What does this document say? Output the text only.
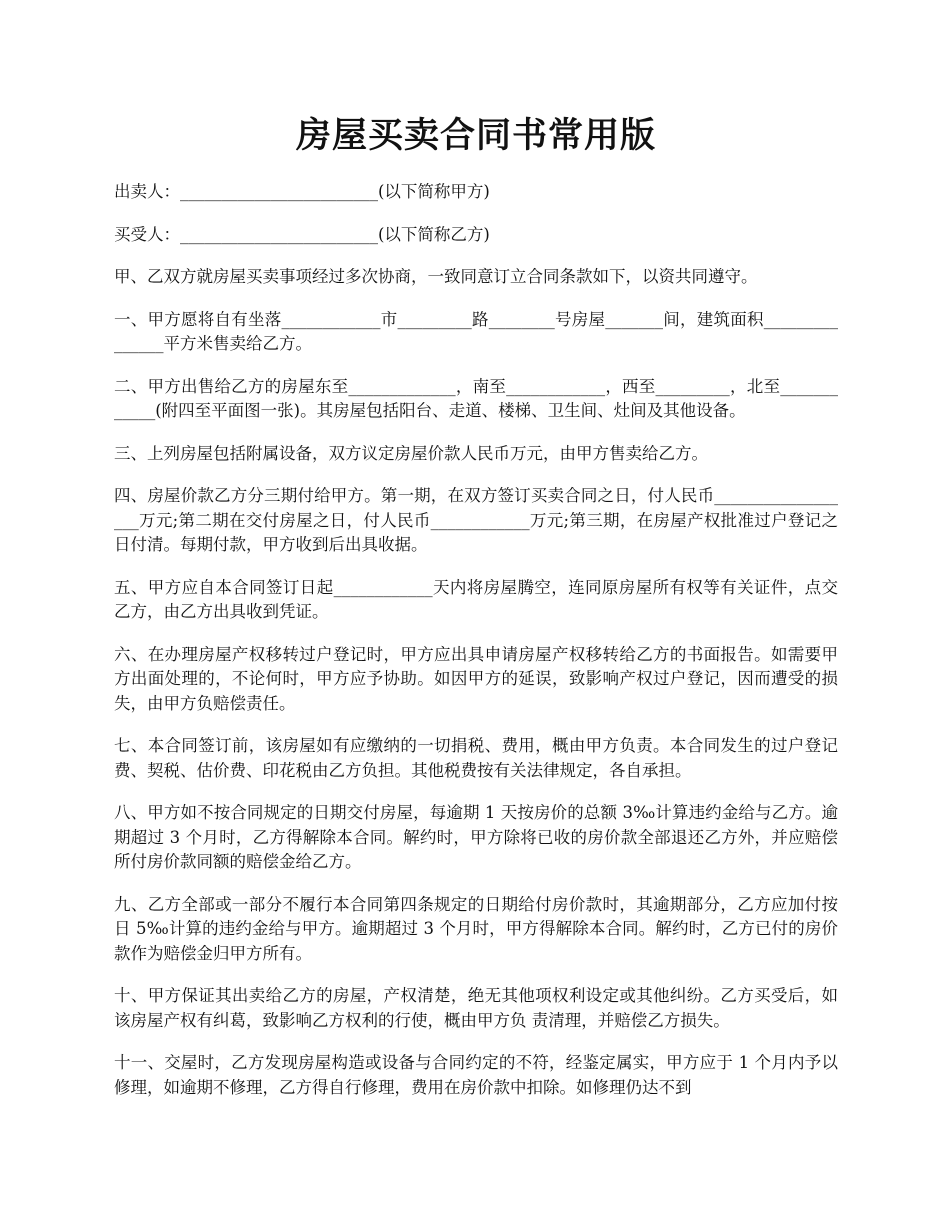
房屋买卖合同书常用版

出卖人：________________________(以下简称甲方)

买受人：________________________(以下简称乙方)

甲、乙双方就房屋买卖事项经过多次协商，一致同意订立合同条款如下，以资共同遵守。

一、甲方愿将自有坐落____________市_________路________号房屋_______间，建筑面积_______________平方米售卖给乙方。

二、甲方出售给乙方的房屋东至_____________，南至____________，西至_________，北至____________(附四至平面图一张)。其房屋包括阳台、走道、楼梯、卫生间、灶间及其他设备。

三、上列房屋包括附属设备，双方议定房屋价款人民币万元，由甲方售卖给乙方。

四、房屋价款乙方分三期付给甲方。第一期，在双方签订买卖合同之日，付人民币__________________万元;第二期在交付房屋之日，付人民币____________万元;第三期，在房屋产权批准过户登记之日付清。每期付款，甲方收到后出具收据。

五、甲方应自本合同签订日起____________天内将房屋腾空，连同原房屋所有权等有关证件，点交乙方，由乙方出具收到凭证。

六、在办理房屋产权移转过户登记时，甲方应出具申请房屋产权移转给乙方的书面报告。如需要甲方出面处理的，不论何时，甲方应予协助。如因甲方的延误，致影响产权过户登记，因而遭受的损失，由甲方负赔偿责任。

七、本合同签订前，该房屋如有应缴纳的一切捐税、费用，概由甲方负责。本合同发生的过户登记费、契税、估价费、印花税由乙方负担。其他税费按有关法律规定，各自承担。

八、甲方如不按合同规定的日期交付房屋，每逾期 1 天按房价的总额 3‰计算违约金给与乙方。逾期超过 3 个月时，乙方得解除本合同。解约时，甲方除将已收的房价款全部退还乙方外，并应赔偿所付房价款同额的赔偿金给乙方。

九、乙方全部或一部分不履行本合同第四条规定的日期给付房价款时，其逾期部分，乙方应加付按日 5‰计算的违约金给与甲方。逾期超过 3 个月时，甲方得解除本合同。解约时，乙方已付的房价款作为赔偿金归甲方所有。

十、甲方保证其出卖给乙方的房屋，产权清楚，绝无其他项权利设定或其他纠纷。乙方买受后，如该房屋产权有纠葛，致影响乙方权利的行使，概由甲方负 责清理，并赔偿乙方损失。

十一、交屋时，乙方发现房屋构造或设备与合同约定的不符，经鉴定属实，甲方应于 1 个月内予以修理，如逾期不修理，乙方得自行修理，费用在房价款中扣除。如修理仍达不到
